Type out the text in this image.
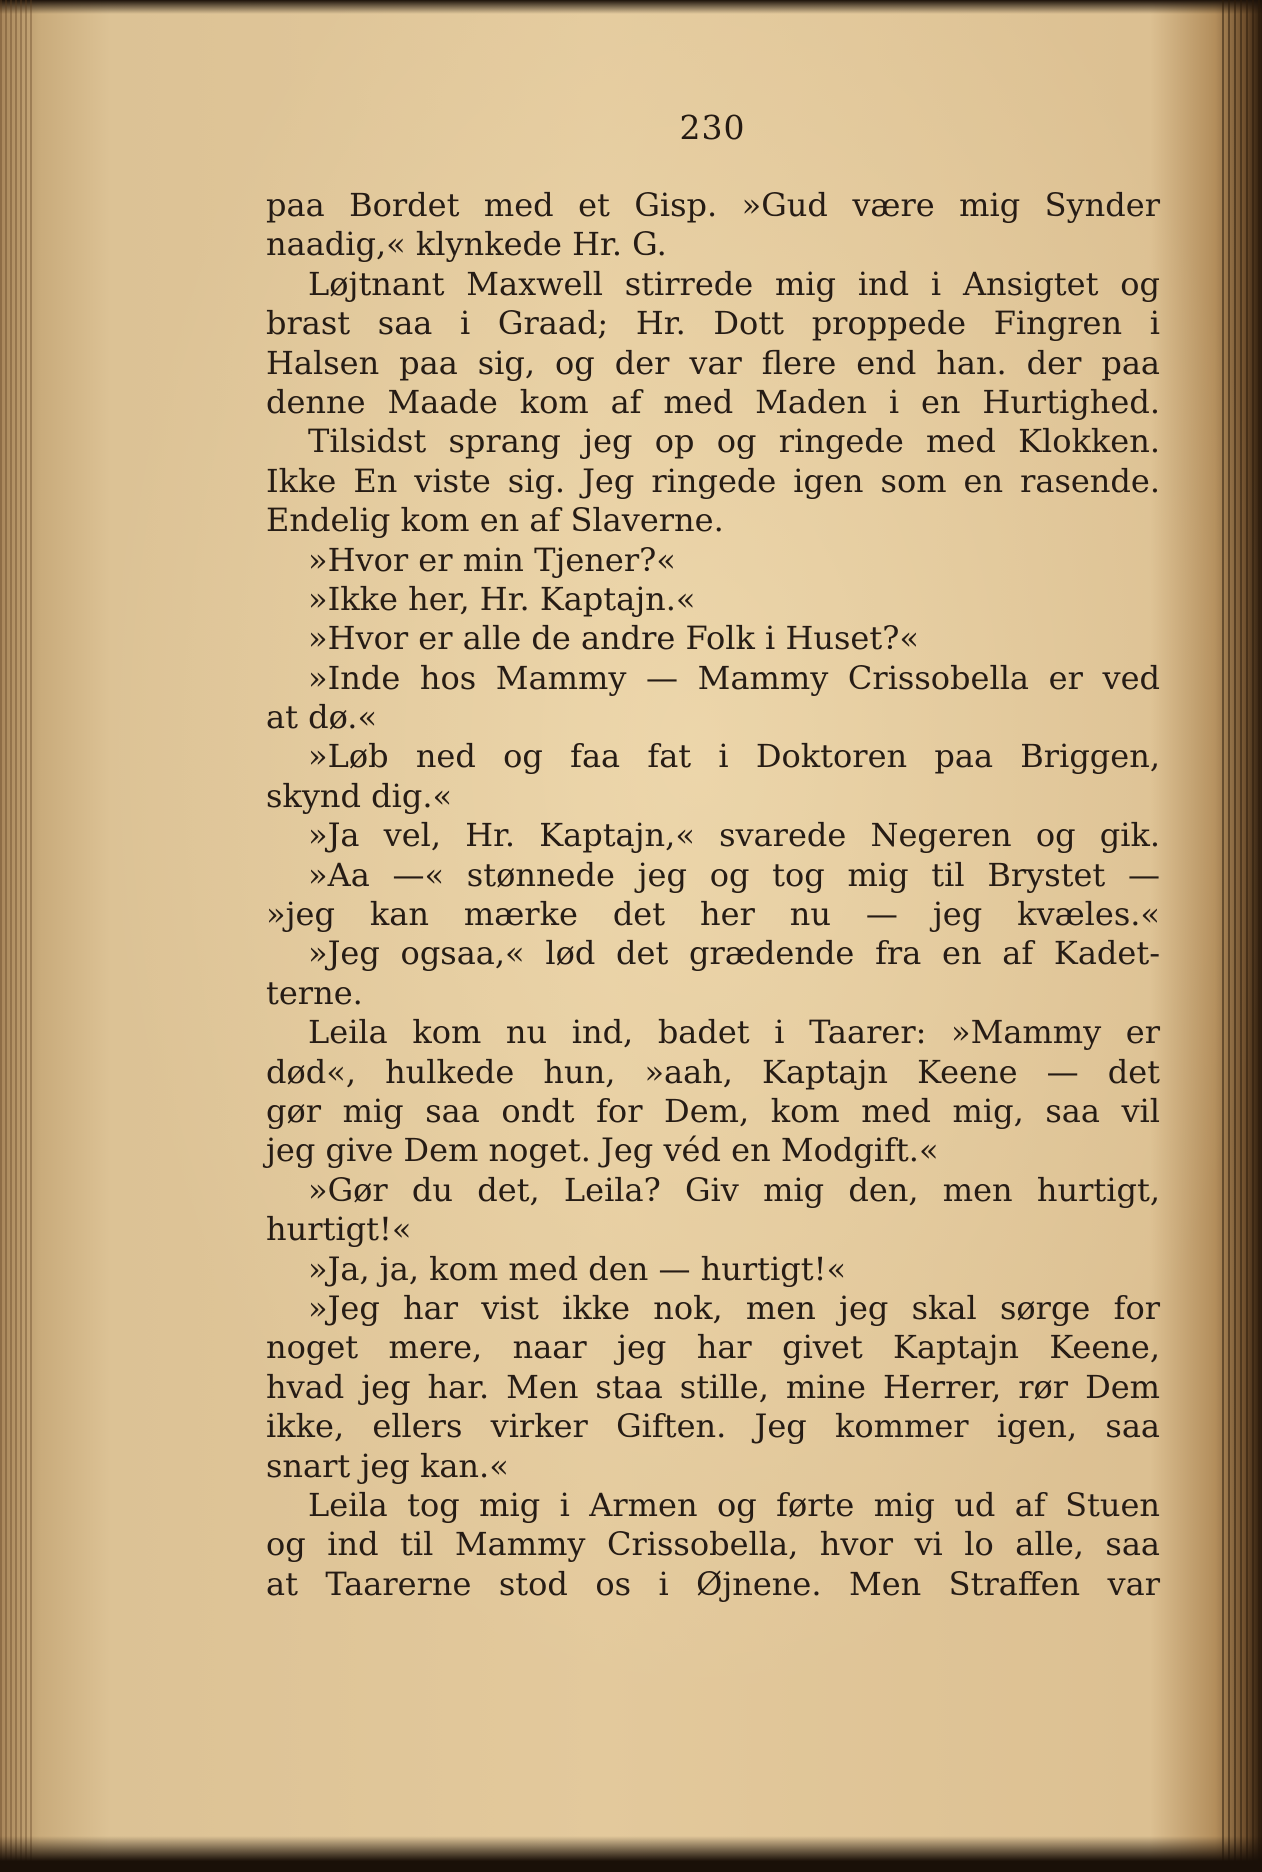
230
paa Bordet med et Gisp. »Gud være mig Synder
naadig,« klynkede Hr. G.
Løjtnant Maxwell stirrede mig ind i Ansigtet og
brast saa i Graad; Hr. Dott proppede Fingren i
Halsen paa sig, og der var flere end han. der paa
denne Maade kom af med Maden i en Hurtighed.
Tilsidst sprang jeg op og ringede med Klokken.
Ikke En viste sig. Jeg ringede igen som en rasende.
Endelig kom en af Slaverne.
»Hvor er min Tjener?«
»Ikke her, Hr. Kaptajn.«
»Hvor er alle de andre Folk i Huset?«
»Inde hos Mammy — Mammy Crissobella er ved
at dø.«
»Løb ned og faa fat i Doktoren paa Briggen,
skynd dig.«
»Ja vel, Hr. Kaptajn,« svarede Negeren og gik.
»Aa —« stønnede jeg og tog mig til Brystet —
»jeg kan mærke det her nu — jeg kvæles.«
»Jeg ogsaa,« lød det grædende fra en af Kadet-
terne.
Leila kom nu ind, badet i Taarer: »Mammy er
død«, hulkede hun, »aah, Kaptajn Keene — det
gør mig saa ondt for Dem, kom med mig, saa vil
jeg give Dem noget. Jeg véd en Modgift.«
»Gør du det, Leila? Giv mig den, men hurtigt,
hurtigt!«
»Ja, ja, kom med den — hurtigt!«
»Jeg har vist ikke nok, men jeg skal sørge for
noget mere, naar jeg har givet Kaptajn Keene,
hvad jeg har. Men staa stille, mine Herrer, rør Dem
ikke, ellers virker Giften. Jeg kommer igen, saa
snart jeg kan.«
Leila tog mig i Armen og førte mig ud af Stuen
og ind til Mammy Crissobella, hvor vi lo alle, saa
at Taarerne stod os i Øjnene. Men Straffen var
